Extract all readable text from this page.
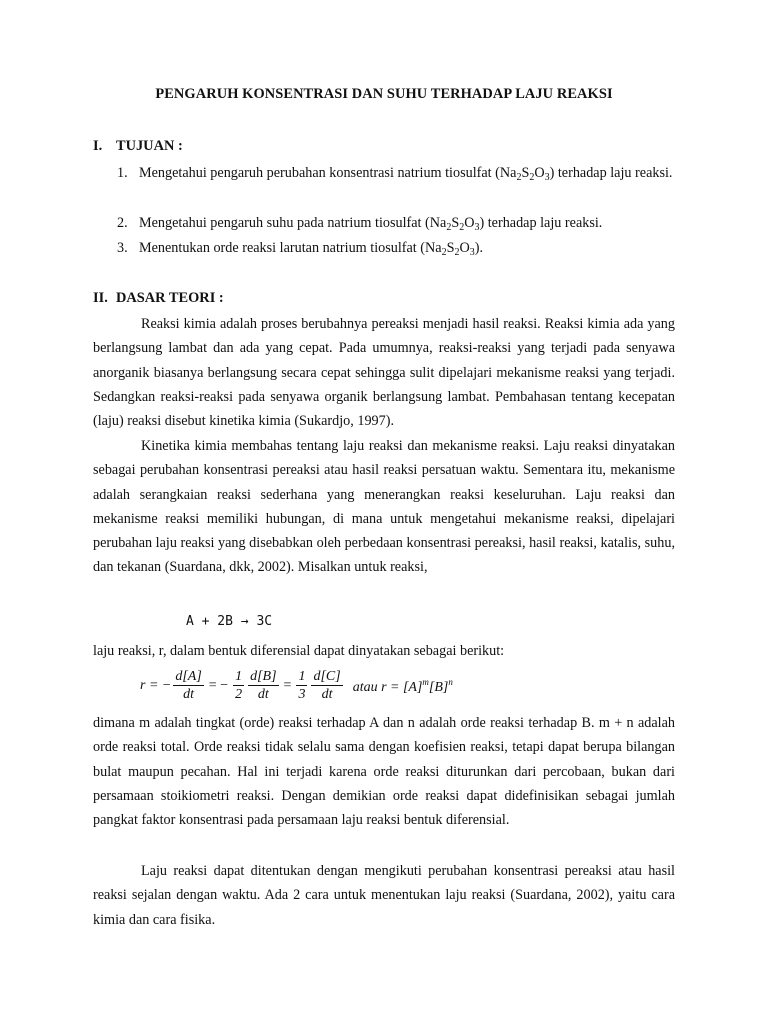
PENGARUH KONSENTRASI DAN SUHU TERHADAP LAJU REAKSI
I. TUJUAN :
1. Mengetahui pengaruh perubahan konsentrasi natrium tiosulfat $(Na_2S_2O_3)$ terhadap laju reaksi.
2. Mengetahui pengaruh suhu pada natrium tiosulfat $(Na_2S_2O_3)$ terhadap laju reaksi.
3. Menentukan orde reaksi larutan natrium tiosulfat $(Na_2S_2O_3)$.
II. DASAR TEORI :
Reaksi kimia adalah proses berubahnya pereaksi menjadi hasil reaksi. Reaksi kimia ada yang berlangsung lambat dan ada yang cepat. Pada umumnya, reaksi-reaksi yang terjadi pada senyawa anorganik biasanya berlangsung secara cepat sehingga sulit dipelajari mekanisme reaksi yang terjadi. Sedangkan reaksi-reaksi pada senyawa organik berlangsung lambat. Pembahasan tentang kecepatan (laju) reaksi disebut kinetika kimia (Sukardjo, 1997).
Kinetika kimia membahas tentang laju reaksi dan mekanisme reaksi. Laju reaksi dinyatakan sebagai perubahan konsentrasi pereaksi atau hasil reaksi persatuan waktu. Sementara itu, mekanisme adalah serangkaian reaksi sederhana yang menerangkan reaksi keseluruhan. Laju reaksi dan mekanisme reaksi memiliki hubungan, di mana untuk mengetahui mekanisme reaksi, dipelajari perubahan laju reaksi yang disebabkan oleh perbedaan konsentrasi pereaksi, hasil reaksi, katalis, suhu, dan tekanan (Suardana, dkk, 2002). Misalkan untuk reaksi,
A + 2B → 3C
laju reaksi, r, dalam bentuk diferensial dapat dinyatakan sebagai berikut:
r = − $\frac{d[A]}{dt}$ = − $\frac{1}{2} \frac{d[B]}{dt} = \frac{1}{3} \frac{d[C]}{dt}$ atau $r = [A]^m[B]^n$
dimana m adalah tingkat (orde) reaksi terhadap A dan n adalah orde reaksi terhadap B. m + n adalah orde reaksi total. Orde reaksi tidak selalu sama dengan koefisien reaksi, tetapi dapat berupa bilangan bulat maupun pecahan. Hal ini terjadi karena orde reaksi diturunkan dari percobaan, bukan dari persamaan stoikiometri reaksi. Dengan demikian orde reaksi dapat didefinisikan sebagai jumlah pangkat faktor konsentrasi pada persamaan laju reaksi bentuk diferensial.
Laju reaksi dapat ditentukan dengan mengikuti perubahan konsentrasi pereaksi atau hasil reaksi sejalan dengan waktu. Ada 2 cara untuk menentukan laju reaksi (Suardana, 2002), yaitu cara kimia dan cara fisika.
